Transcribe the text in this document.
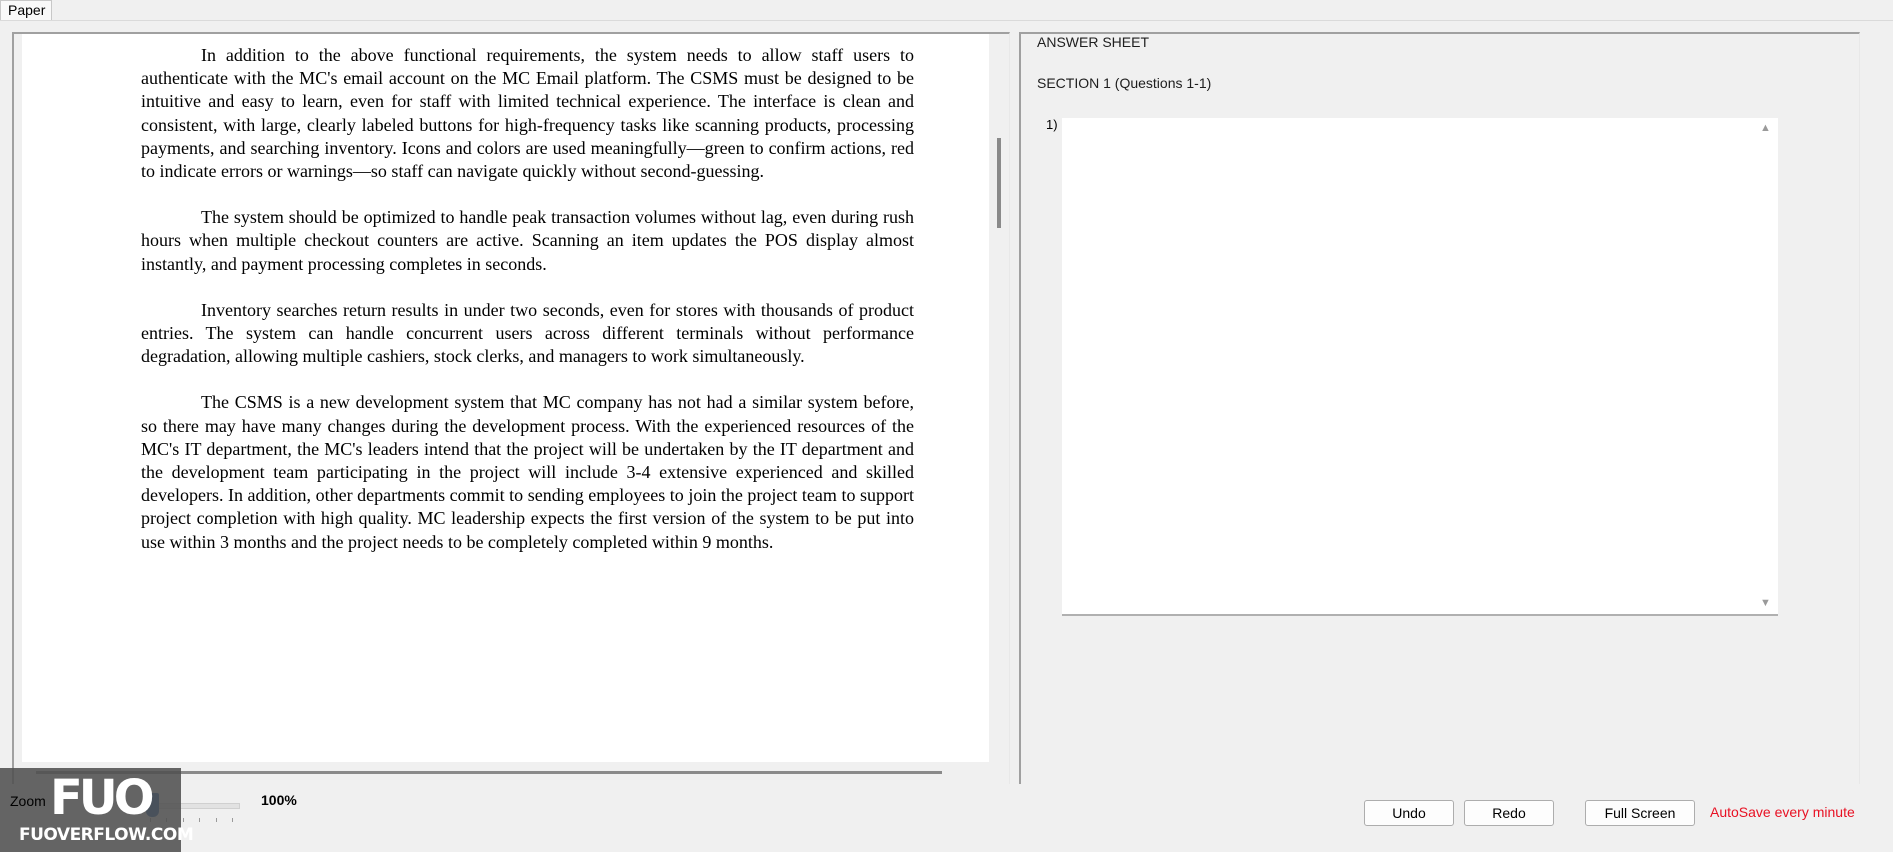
Paper

In addition to the above functional requirements, the system needs to allow staff users to authenticate with the MC's email account on the MC Email platform. The CSMS must be designed to be intuitive and easy to learn, even for staff with limited technical experience. The interface is clean and consistent, with large, clearly labeled buttons for high-frequency tasks like scanning products, processing payments, and searching inventory. Icons and colors are used meaningfully—green to confirm actions, red to indicate errors or warnings—so staff can navigate quickly without second-guessing.

The system should be optimized to handle peak transaction volumes without lag, even during rush hours when multiple checkout counters are active. Scanning an item updates the POS display almost instantly, and payment processing completes in seconds.

Inventory searches return results in under two seconds, even for stores with thousands of product entries. The system can handle concurrent users across different terminals without performance degradation, allowing multiple cashiers, stock clerks, and managers to work simultaneously.

The CSMS is a new development system that MC company has not had a similar system before, so there may have many changes during the development process. With the experienced resources of the MC's IT department, the MC's leaders intend that the project will be undertaken by the IT department and the development team participating in the project will include 3-4 extensive experienced and skilled developers. In addition, other departments commit to sending employees to join the project team to support project completion with high quality. MC leadership expects the first version of the system to be put into use within 3 months and the project needs to be completely completed within 9 months.

ANSWER SHEET
SECTION 1 (Questions 1-1)
1)	▲
▼
100%
Undo	Redo	Full Screen	AutoSave every minute
Zoom FUO
FUOVERFLOW.COM
